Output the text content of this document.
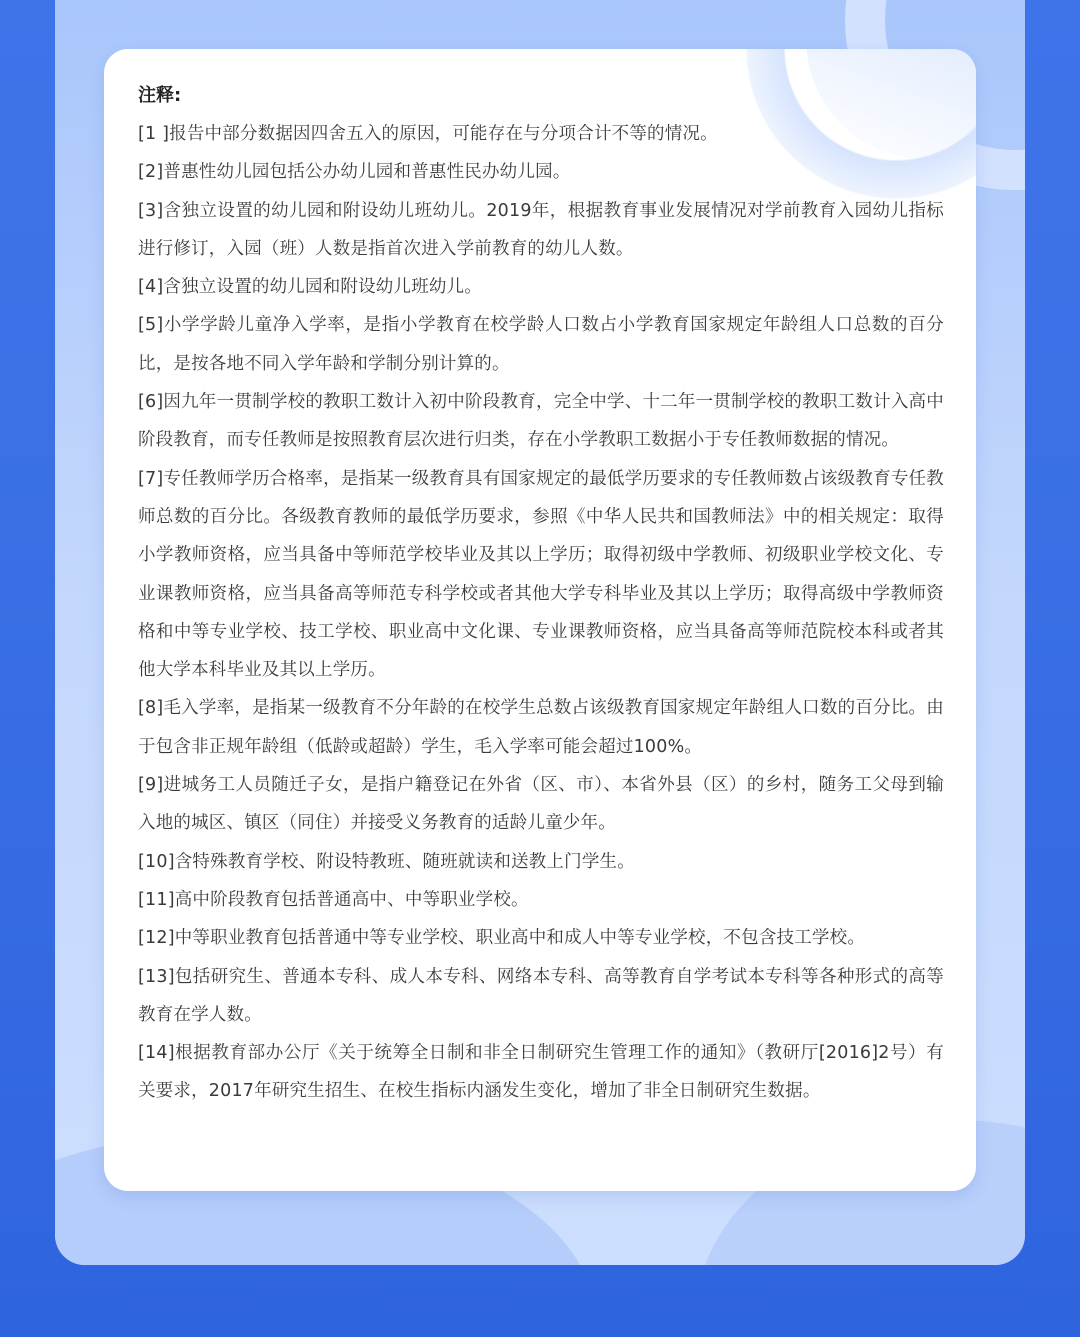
注释:

[1 ]报告中部分数据因四舍五入的原因，可能存在与分项合计不等的情况。
[2]普惠性幼儿园包括公办幼儿园和普惠性民办幼儿园。
[3]含独立设置的幼儿园和附设幼儿班幼儿。2019年，根据教育事业发展情况对学前教育入园幼儿指标进行修订，入园（班）人数是指首次进入学前教育的幼儿人数。
[4]含独立设置的幼儿园和附设幼儿班幼儿。
[5]小学学龄儿童净入学率，是指小学教育在校学龄人口数占小学教育国家规定年龄组人口总数的百分比，是按各地不同入学年龄和学制分别计算的。
[6]因九年一贯制学校的教职工数计入初中阶段教育，完全中学、十二年一贯制学校的教职工数计入高中阶段教育，而专任教师是按照教育层次进行归类，存在小学教职工数据小于专任教师数据的情况。
[7]专任教师学历合格率，是指某一级教育具有国家规定的最低学历要求的专任教师数占该级教育专任教师总数的百分比。各级教育教师的最低学历要求，参照《中华人民共和国教师法》中的相关规定：取得小学教师资格，应当具备中等师范学校毕业及其以上学历；取得初级中学教师、初级职业学校文化、专业课教师资格，应当具备高等师范专科学校或者其他大学专科毕业及其以上学历；取得高级中学教师资格和中等专业学校、技工学校、职业高中文化课、专业课教师资格，应当具备高等师范院校本科或者其他大学本科毕业及其以上学历。
[8]毛入学率，是指某一级教育不分年龄的在校学生总数占该级教育国家规定年龄组人口数的百分比。由于包含非正规年龄组（低龄或超龄）学生，毛入学率可能会超过100%。
[9]进城务工人员随迁子女，是指户籍登记在外省（区、市）、本省外县（区）的乡村，随务工父母到输入地的城区、镇区（同住）并接受义务教育的适龄儿童少年。
[10]含特殊教育学校、附设特教班、随班就读和送教上门学生。
[11]高中阶段教育包括普通高中、中等职业学校。
[12]中等职业教育包括普通中等专业学校、职业高中和成人中等专业学校，不包含技工学校。
[13]包括研究生、普通本专科、成人本专科、网络本专科、高等教育自学考试本专科等各种形式的高等教育在学人数。
[14]根据教育部办公厅《关于统筹全日制和非全日制研究生管理工作的通知》（教研厅[2016]2号）有关要求，2017年研究生招生、在校生指标内涵发生变化，增加了非全日制研究生数据。
